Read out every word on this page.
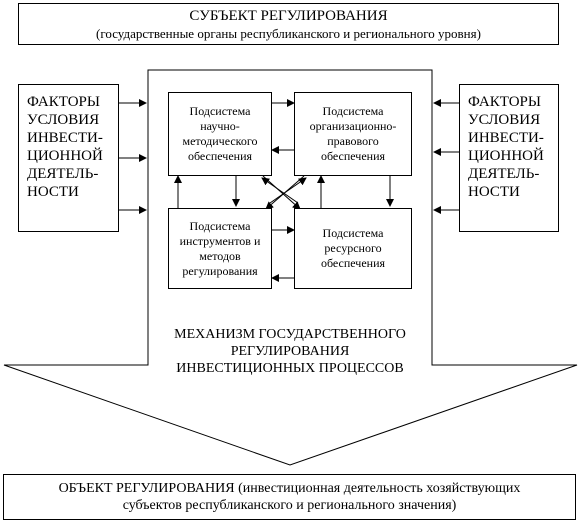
СУБЪЕКТ РЕГУЛИРОВАНИЯ
(государственные органы республиканского и регионального уровня)
ФАКТОРЫ
УСЛОВИЯ
ИНВЕСТИ-
ЦИОННОЙ
ДЕЯТЕЛЬ-
НОСТИ
ФАКТОРЫ
УСЛОВИЯ
ИНВЕСТИ-
ЦИОННОЙ
ДЕЯТЕЛЬ-
НОСТИ
Подсистема
научно-
методического
обеспечения
Подсистема
организационно-
правового
обеспечения
Подсистема
инструментов и
методов
регулирования
Подсистема
ресурсного
обеспечения
МЕХАНИЗМ ГОСУДАРСТВЕННОГО
РЕГУЛИРОВАНИЯ
ИНВЕСТИЦИОННЫХ ПРОЦЕССОВ
ОБЪЕКТ РЕГУЛИРОВАНИЯ (инвестиционная деятельность хозяйствующих
субъектов республиканского и регионального значения)
